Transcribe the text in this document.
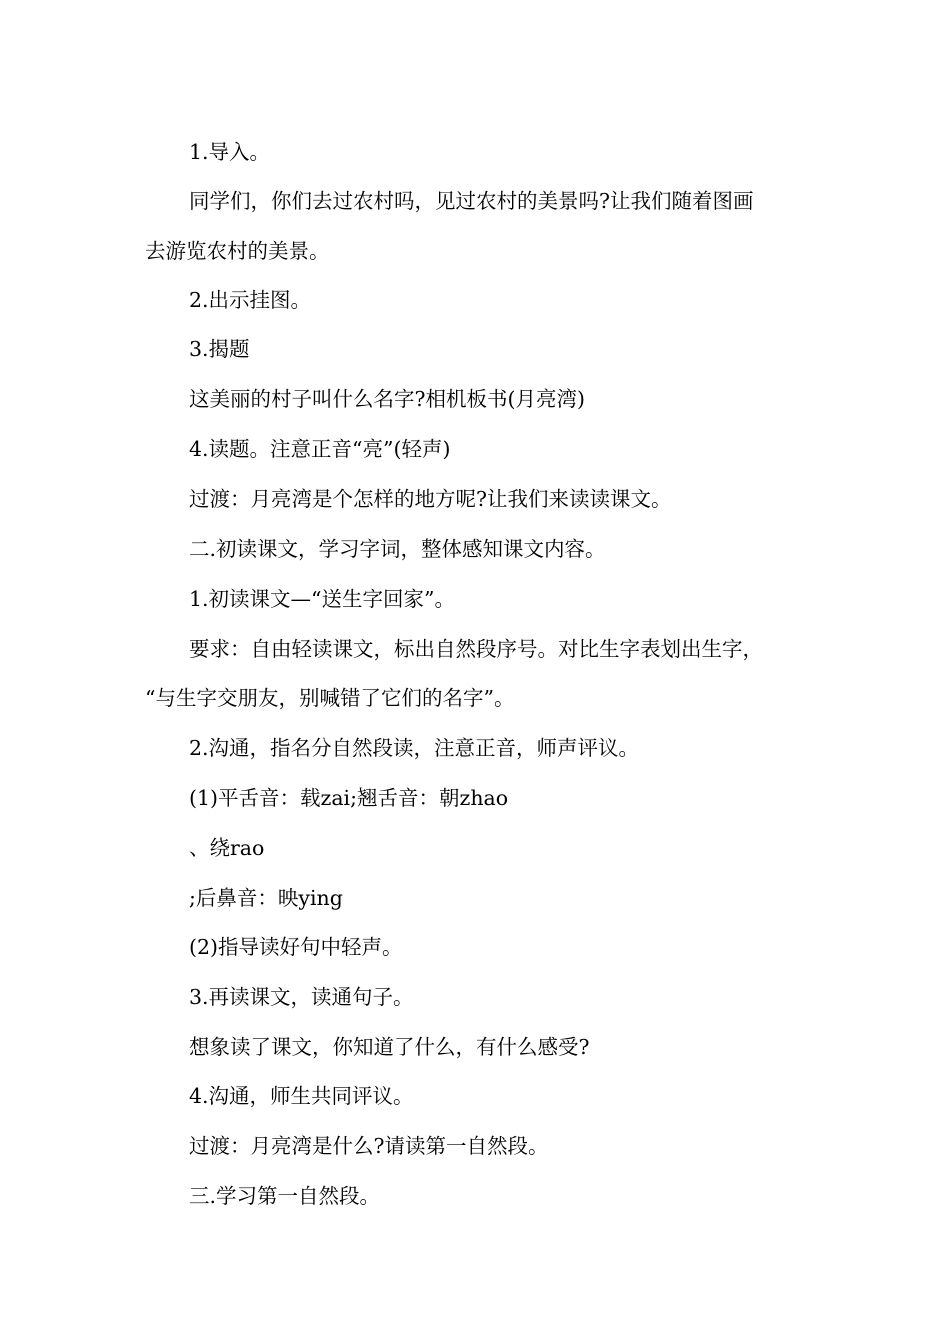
1.导入。
同学们，你们去过农村吗，见过农村的美景吗?让我们随着图画
去游览农村的美景。
2.出示挂图。
3.揭题
这美丽的村子叫什么名字?相机板书(月亮湾)
4.读题。注意正音“亮”(轻声)
过渡：月亮湾是个怎样的地方呢?让我们来读读课文。
二.初读课文，学习字词，整体感知课文内容。
1.初读课文—“送生字回家”。
要求：自由轻读课文，标出自然段序号。对比生字表划出生字，
“与生字交朋友，别喊错了它们的名字”。
2.沟通，指名分自然段读，注意正音，师声评议。
(1)平舌音：载zai;翘舌音：朝zhao
、绕rao
;后鼻音：映ying
(2)指导读好句中轻声。
3.再读课文，读通句子。
想象读了课文，你知道了什么，有什么感受?
4.沟通，师生共同评议。
过渡：月亮湾是什么?请读第一自然段。
三.学习第一自然段。
